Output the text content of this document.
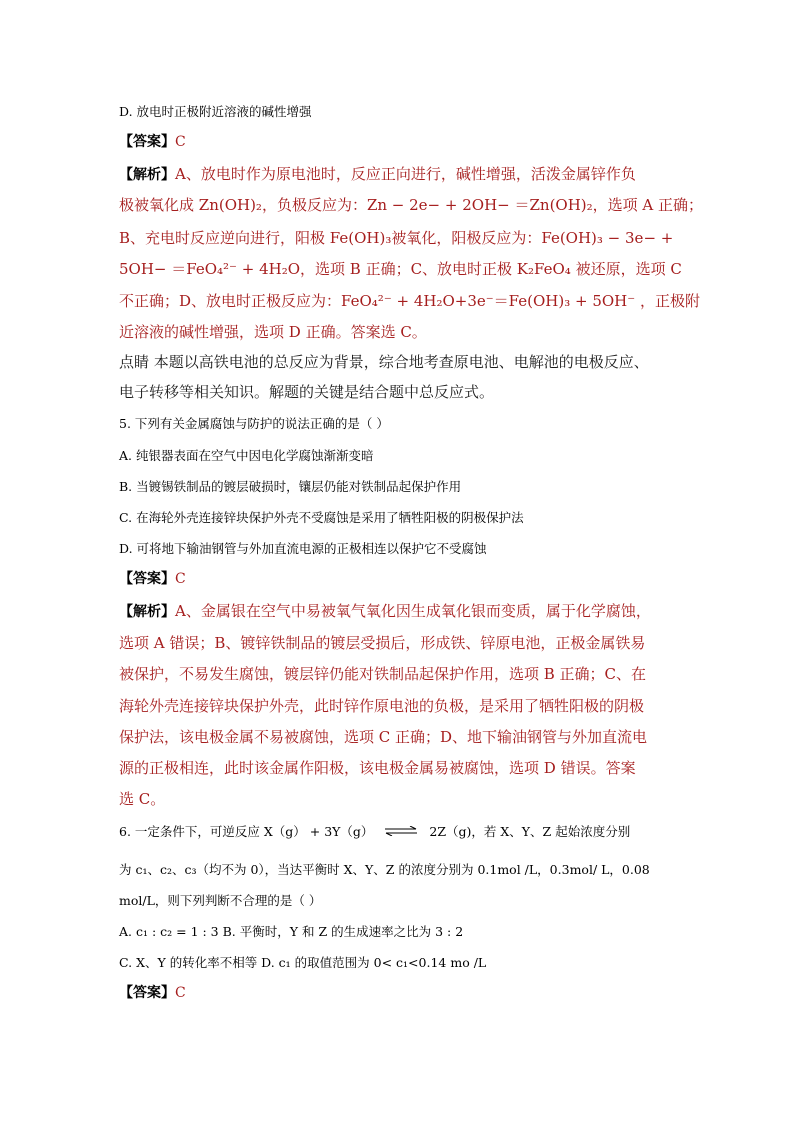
D. 放电时正极附近溶液的碱性增强
【答案】C
【解析】A、放电时作为原电池时，反应正向进行，碱性增强，活泼金属锌作负
极被氧化成 Zn(OH)₂，负极反应为：Zn − 2e− + 2OH− ＝Zn(OH)₂，选项 A 正确；
B、充电时反应逆向进行，阳极 Fe(OH)₃被氧化，阳极反应为：Fe(OH)₃ − 3e− +
5OH− ＝FeO₄²⁻ + 4H₂O，选项 B 正确；C、放电时正极 K₂FeO₄ 被还原，选项 C
不正确；D、放电时正极反应为：FeO₄²⁻ + 4H₂O+3e⁻＝Fe(OH)₃ + 5OH⁻ ，正极附
近溶液的碱性增强，选项 D 正确。答案选 C。
点睛 本题以高铁电池的总反应为背景，综合地考查原电池、电解池的电极反应、
电子转移等相关知识。解题的关键是结合题中总反应式。
5. 下列有关金属腐蚀与防护的说法正确的是（ ）
A. 纯银器表面在空气中因电化学腐蚀渐渐变暗
B. 当镀锡铁制品的镀层破损时，镶层仍能对铁制品起保护作用
C. 在海轮外壳连接锌块保护外壳不受腐蚀是采用了牺牲阳极的阴极保护法
D. 可将地下输油钢管与外加直流电源的正极相连以保护它不受腐蚀
【答案】C
【解析】A、金属银在空气中易被氧气氧化因生成氧化银而变质，属于化学腐蚀，
选项 A 错误；B、镀锌铁制品的镀层受损后，形成铁、锌原电池，正极金属铁易
被保护，不易发生腐蚀，镀层锌仍能对铁制品起保护作用，选项 B 正确；C、在
海轮外壳连接锌块保护外壳，此时锌作原电池的负极，是采用了牺牲阳极的阴极
保护法，该电极金属不易被腐蚀，选项 C 正确；D、地下输油钢管与外加直流电
源的正极相连，此时该金属作阳极，该电极金属易被腐蚀，选项 D 错误。答案
选 C。
6. 一定条件下，可逆反应 X（g） + 3Y（g） ⇌ 2Z（g)，若 X、Y、Z 起始浓度分别
为 c₁、c₂、c₃（均不为 0），当达平衡时 X、Y、Z 的浓度分别为 0.1mol /L，0.3mol/ L，0.08
mol/L，则下列判断不合理的是（ ）
A. c₁ : c₂ = 1 : 3 B. 平衡时，Y 和 Z 的生成速率之比为 3 : 2
C. X、Y 的转化率不相等 D. c₁ 的取值范围为 0< c₁<0.14 mo /L
【答案】C
